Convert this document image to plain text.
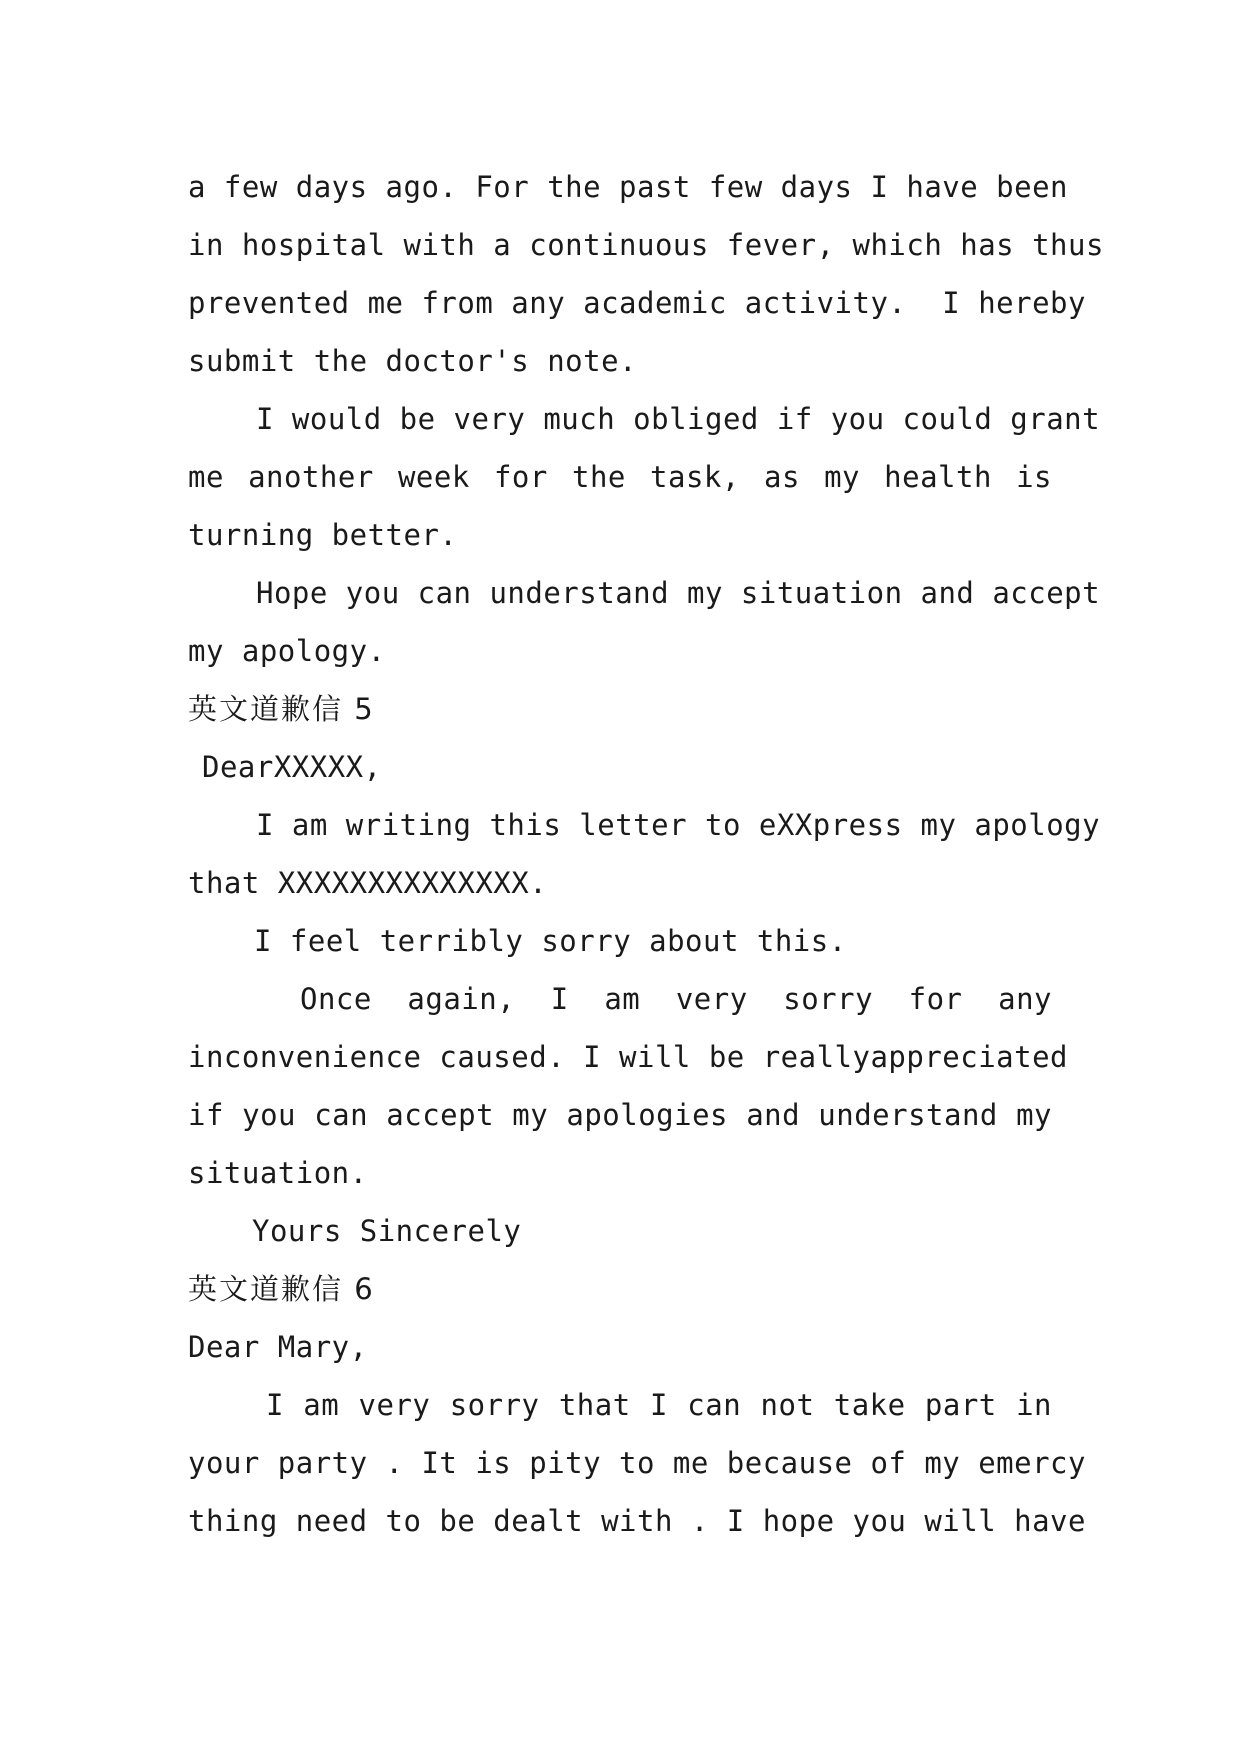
a few days ago. For the past few days I have been
in hospital with a continuous fever, which has thus
prevented me from any academic activity.  I hereby
submit the doctor's note.
I would be very much obliged if you could grant
me another week for the task, as my health is
turning better.
Hope you can understand my situation and accept
my apology.
英文道歉信 5
DearXXXXX,
I am writing this letter to eXXpress my apology
that XXXXXXXXXXXXXX.
I feel terribly sorry about this.
Once again, I am very sorry for any
inconvenience caused. I will be reallyappreciated
if you can accept my apologies and understand my
situation.
Yours Sincerely
英文道歉信 6
Dear Mary,
I am very sorry that I can not take part in
your party . It is pity to me because of my emercy
thing need to be dealt with . I hope you will have
